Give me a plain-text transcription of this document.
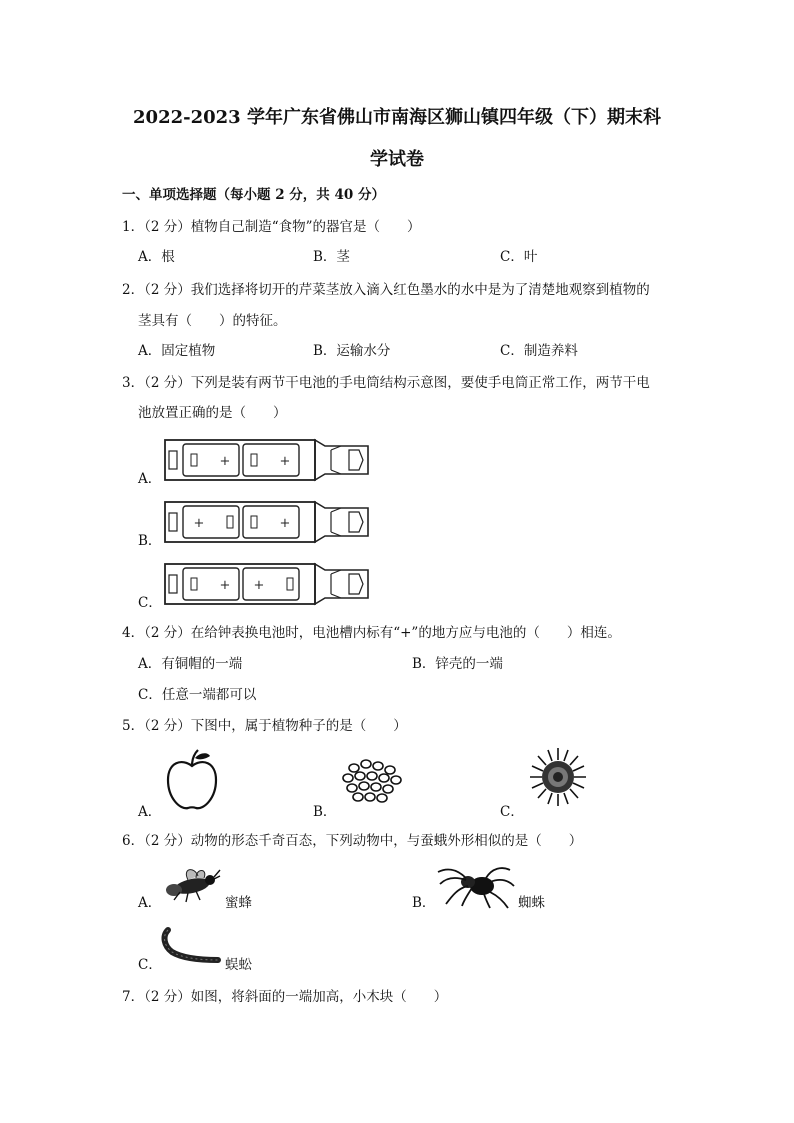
2022-2023 学年广东省佛山市南海区狮山镇四年级（下）期末科
学试卷
一、单项选择题（每小题 2 分，共 40 分）
1．（2 分）植物自己制造“食物”的器官是（　　）
A．根	B．茎	C．叶
2．（2 分）我们选择将切开的芹菜茎放入滴入红色墨水的水中是为了清楚地观察到植物的
茎具有（　　）的特征。
A．固定植物	B．运输水分	C．制造养料
3．（2 分）下列是装有两节干电池的手电筒结构示意图，要使手电筒正常工作，两节干电
池放置正确的是（　　）
A．
+	+
B．
+	+
C．
+ +
4．（2 分）在给钟表换电池时，电池槽内标有“+”的地方应与电池的（　　）相连。
A．有铜帽的一端	B．锌壳的一端
C．任意一端都可以
5．（2 分）下图中，属于植物种子的是（　　）
A．	B．	C．
6．（2 分）动物的形态千奇百态，下列动物中，与蚕蛾外形相似的是（　　）
A．	蜜蜂	B．	蜘蛛
C．	蜈蚣
7．（2 分）如图，将斜面的一端加高，小木块（　　）
